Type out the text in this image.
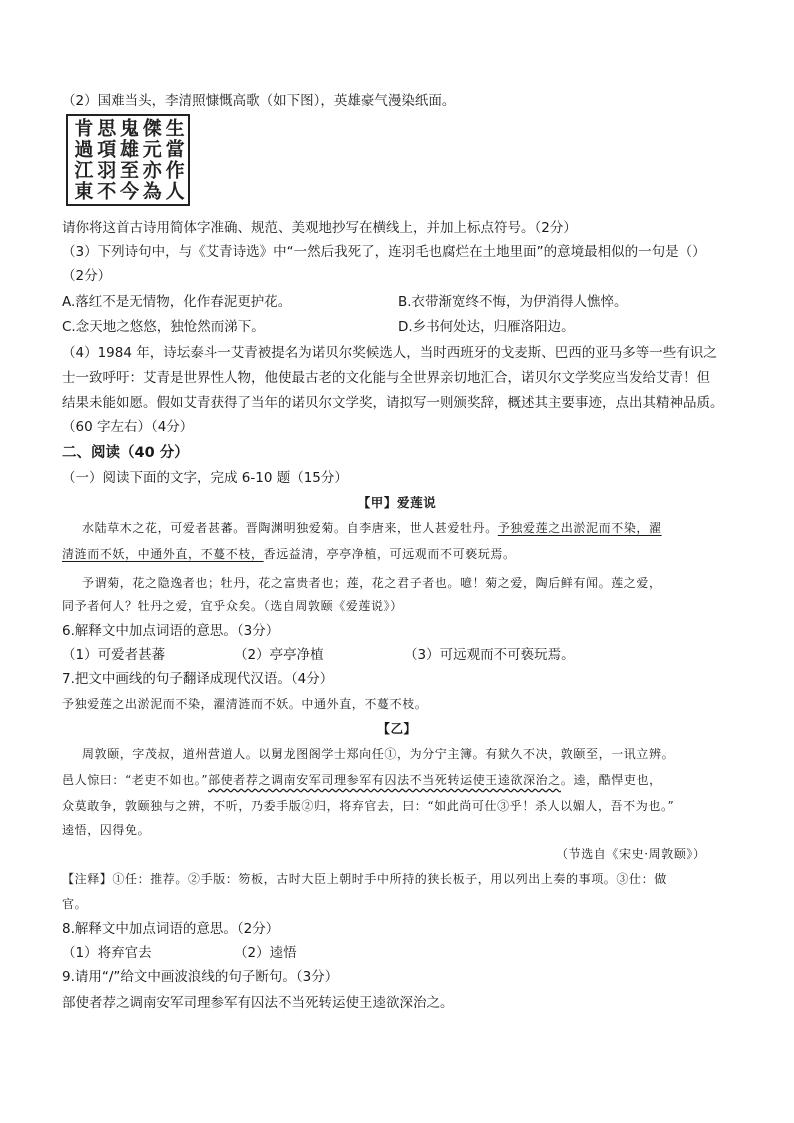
（2）国难当头，李清照慷慨高歌（如下图），英雄豪气漫染纸面。
生當作人
傑元亦為
鬼雄至今
思項羽不
肯過江東
请你将这首古诗用简体字准确、规范、美观地抄写在横线上，并加上标点符号。（2分）
（3）下列诗句中，与《艾青诗选》中“一然后我死了，连羽毛也腐烂在土地里面”的意境最相似的一句是（）
（2分）
A.落红不是无情物，化作春泥更护花。	B.衣带渐宽终不悔，为伊消得人憔悴。
C.念天地之悠悠，独怆然而涕下。	D.乡书何处达，归雁洛阳边。
（4）1984 年，诗坛泰斗一艾青被提名为诺贝尔奖候选人，当时西班牙的戈麦斯、巴西的亚马多等一些有识之
士一致呼吁：艾青是世界性人物，他使最古老的文化能与全世界亲切地汇合，诺贝尔文学奖应当发给艾青！但
结果未能如愿。假如艾青获得了当年的诺贝尔文学奖，请拟写一则颁奖辞，概述其主要事迹，点出其精神品质。
（60 字左右）（4分）
二、阅读（40 分）
（一）阅读下面的文字，完成 6-10 题（15分）
【甲】爱莲说
水陆草木之花，可爱者甚蕃。晋陶渊明独爱菊。自李唐来，世人甚爱牡丹。予独爱莲之出淤泥而不染，濯
清涟而不妖，中通外直，不蔓不枝，香远益清，亭亭净植，可远观而不可亵玩焉。
予谓菊，花之隐逸者也；牡丹，花之富贵者也；莲，花之君子者也。噫！菊之爱，陶后鲜有闻。莲之爱，
同予者何人？牡丹之爱，宜乎众矣。（选自周敦颐《爱莲说》）
6.解释文中加点词语的意思。（3分）
（1）可爱者甚蕃	（2）亭亭净植	（3）可远观而不可亵玩焉。
7.把文中画线的句子翻译成现代汉语。（4分）
予独爱莲之出淤泥而不染，濯清涟而不妖。中通外直，不蔓不枝。
【乙】
周敦颐，字茂叔，道州营道人。以舅龙图阁学士郑向任①，为分宁主簿。有狱久不决，敦颐至，一讯立辨。
邑人惊曰：“老吏不如也。”部使者荐之调南安军司理参军有囚法不当死转运使王逵欲深治之。逵，酷悍吏也，
众莫敢争，敦颐独与之辨，不听，乃委手版②归，将弃官去，曰：“如此尚可仕③乎！杀人以媚人，吾不为也。”
逵悟，囚得免。
（节选自《宋史·周敦颐》）
【注释】①任：推荐。②手版：笏板，古时大臣上朝时手中所持的狭长板子，用以列出上奏的事项。③仕：做
官。
8.解释文中加点词语的意思。（2分）
（1）将弃官去	（2）逵悟
9.请用“/”给文中画波浪线的句子断句。（3分）
部使者荐之调南安军司理参军有囚法不当死转运使王逵欲深治之。
